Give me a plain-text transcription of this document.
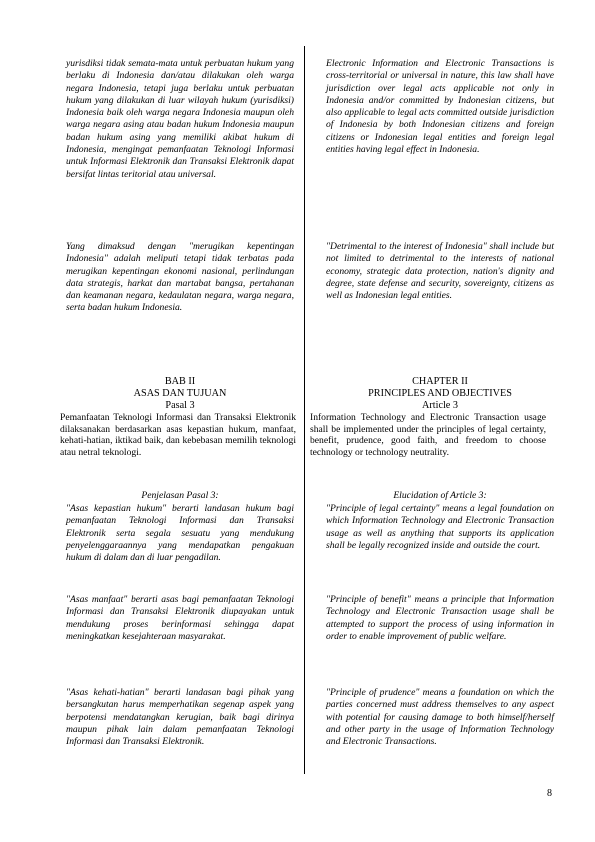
yurisdiksi tidak semata-mata untuk perbuatan hukum yang berlaku di Indonesia dan/atau dilakukan oleh warga negara Indonesia, tetapi juga berlaku untuk perbuatan hukum yang dilakukan di luar wilayah hukum (yurisdiksi) Indonesia baik oleh warga negara Indonesia maupun oleh warga negara asing atau badan hukum Indonesia maupun badan hukum asing yang memiliki akibat hukum di Indonesia, mengingat pemanfaatan Teknologi Informasi untuk Informasi Elektronik dan Transaksi Elektronik dapat bersifat lintas teritorial atau universal.

Yang dimaksud dengan "merugikan kepentingan Indonesia" adalah meliputi tetapi tidak terbatas pada merugikan kepentingan ekonomi nasional, perlindungan data strategis, harkat dan martabat bangsa, pertahanan dan keamanan negara, kedaulatan negara, warga negara, serta badan hukum Indonesia.

BAB II
ASAS DAN TUJUAN
Pasal 3

Pemanfaatan Teknologi Informasi dan Transaksi Elektronik dilaksanakan berdasarkan asas kepastian hukum, manfaat, kehati-hatian, iktikad baik, dan kebebasan memilih teknologi atau netral teknologi.

Penjelasan Pasal 3:

"Asas kepastian hukum" berarti landasan hukum bagi pemanfaatan Teknologi Informasi dan Transaksi Elektronik serta segala sesuatu yang mendukung penyelenggaraannya yang mendapatkan pengakuan hukum di dalam dan di luar pengadilan.

"Asas manfaat" berarti asas bagi pemanfaatan Teknologi Informasi dan Transaksi Elektronik diupayakan untuk mendukung proses berinformasi sehingga dapat meningkatkan kesejahteraan masyarakat.

"Asas kehati-hatian" berarti landasan bagi pihak yang bersangkutan harus memperhatikan segenap aspek yang berpotensi mendatangkan kerugian, baik bagi dirinya maupun pihak lain dalam pemanfaatan Teknologi Informasi dan Transaksi Elektronik.

Electronic Information and Electronic Transactions is cross-territorial or universal in nature, this law shall have jurisdiction over legal acts applicable not only in Indonesia and/or committed by Indonesian citizens, but also applicable to legal acts committed outside jurisdiction of Indonesia by both Indonesian citizens and foreign citizens or Indonesian legal entities and foreign legal entities having legal effect in Indonesia.

"Detrimental to the interest of Indonesia" shall include but not limited to detrimental to the interests of national economy, strategic data protection, nation's dignity and degree, state defense and security, sovereignty, citizens as well as Indonesian legal entities.

CHAPTER II
PRINCIPLES AND OBJECTIVES
Article 3

Information Technology and Electronic Transaction usage shall be implemented under the principles of legal certainty, benefit, prudence, good faith, and freedom to choose technology or technology neutrality.

Elucidation of Article 3:

"Principle of legal certainty" means a legal foundation on which Information Technology and Electronic Transaction usage as well as anything that supports its application shall be legally recognized inside and outside the court.

"Principle of benefit" means a principle that Information Technology and Electronic Transaction usage shall be attempted to support the process of using information in order to enable improvement of public welfare.

"Principle of prudence" means a foundation on which the parties concerned must address themselves to any aspect with potential for causing damage to both himself/herself and other party in the usage of Information Technology and Electronic Transactions.

8
